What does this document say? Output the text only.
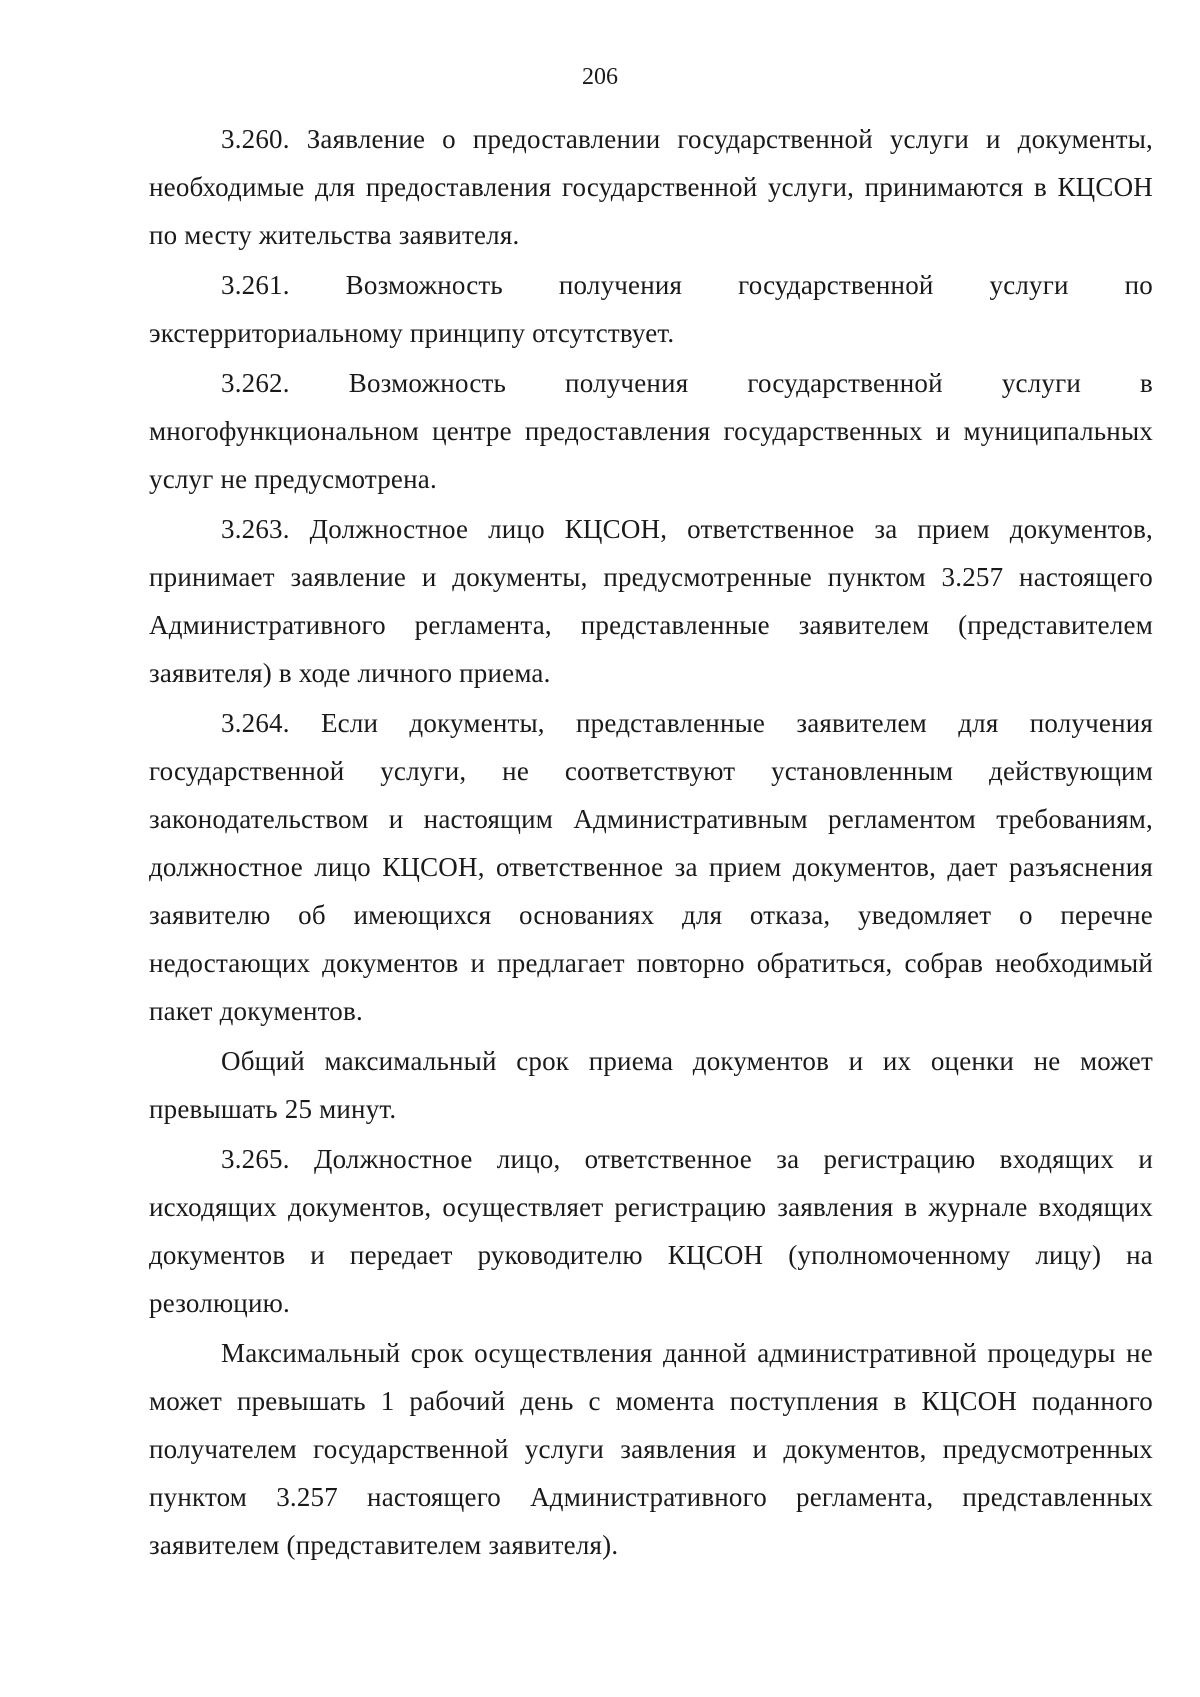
206

3.260. Заявление о предоставлении государственной услуги и документы, необходимые для предоставления государственной услуги, принимаются в КЦСОН по месту жительства заявителя.

3.261. Возможность получения государственной услуги по экстерриториальному принципу отсутствует.

3.262. Возможность получения государственной услуги в многофункциональном центре предоставления государственных и муниципальных услуг не предусмотрена.

3.263. Должностное лицо КЦСОН, ответственное за прием документов, принимает заявление и документы, предусмотренные пунктом 3.257 настоящего Административного регламента, представленные заявителем (представителем заявителя) в ходе личного приема.

3.264. Если документы, представленные заявителем для получения государственной услуги, не соответствуют установленным действующим законодательством и настоящим Административным регламентом требованиям, должностное лицо КЦСОН, ответственное за прием документов, дает разъяснения заявителю об имеющихся основаниях для отказа, уведомляет о перечне недостающих документов и предлагает повторно обратиться, собрав необходимый пакет документов.

Общий максимальный срок приема документов и их оценки не может превышать 25 минут.

3.265. Должностное лицо, ответственное за регистрацию входящих и исходящих документов, осуществляет регистрацию заявления в журнале входящих документов и передает руководителю КЦСОН (уполномоченному лицу) на резолюцию.

Максимальный срок осуществления данной административной процедуры не может превышать 1 рабочий день с момента поступления в КЦСОН поданного получателем государственной услуги заявления и документов, предусмотренных пунктом 3.257 настоящего Административного регламента, представленных заявителем (представителем заявителя).
